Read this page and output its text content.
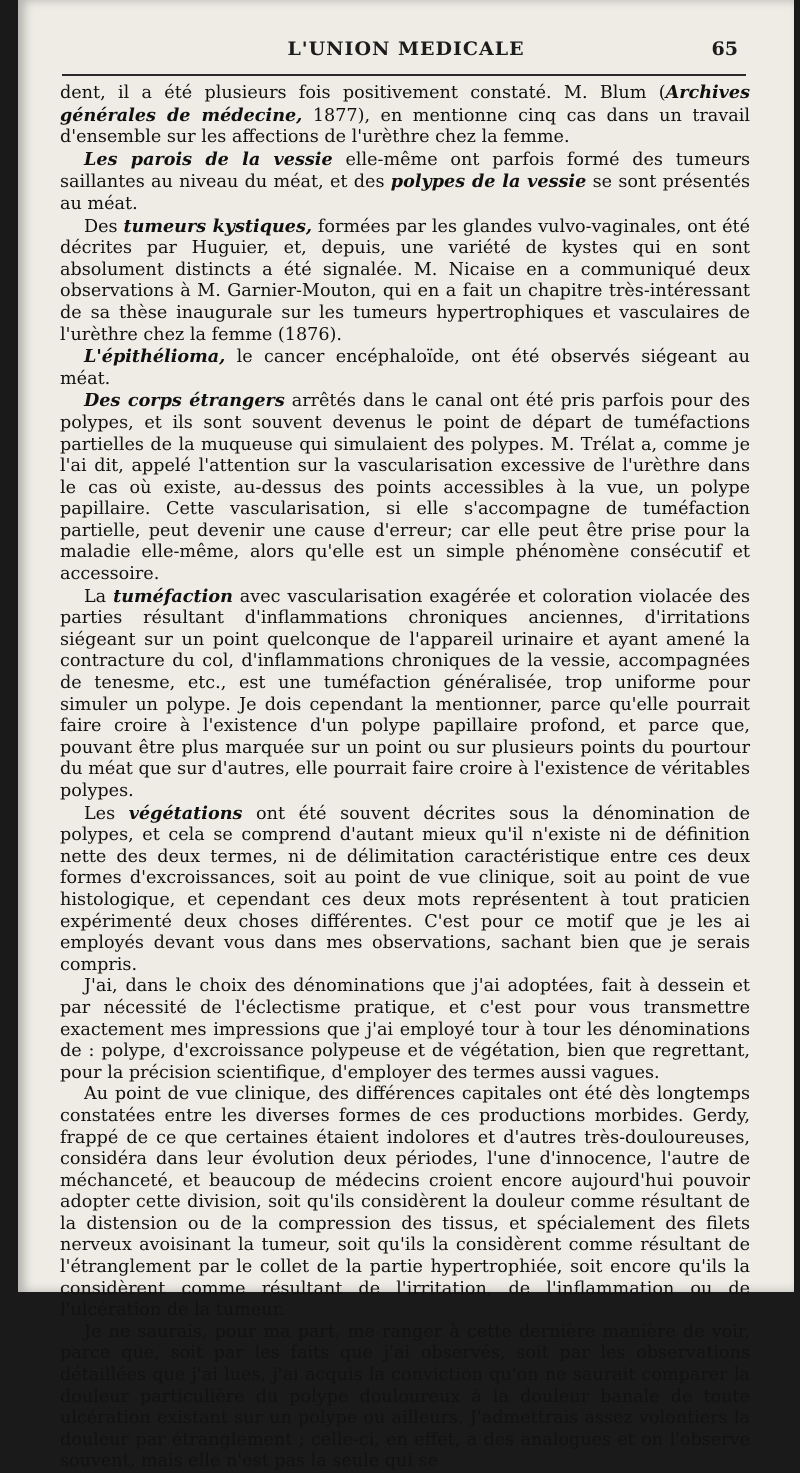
L'UNION MEDICALE	65

dent, il a été plusieurs fois positivement constaté. M. Blum (Archives générales de médecine, 1877), en mentionne cinq cas dans un travail d'ensemble sur les affections de l'urèthre chez la femme.

Les parois de la vessie elle-même ont parfois formé des tumeurs saillantes au niveau du méat, et des polypes de la vessie se sont présentés au méat.

Des tumeurs kystiques, formées par les glandes vulvo-vaginales, ont été décrites par Huguier, et, depuis, une variété de kystes qui en sont absolument distincts a été signalée. M. Nicaise en a communiqué deux observations à M. Garnier-Mouton, qui en a fait un chapitre très-intéressant de sa thèse inaugurale sur les tumeurs hypertrophiques et vasculaires de l'urèthre chez la femme (1876).

L'épithélioma, le cancer encéphaloïde, ont été observés siégeant au méat.

Des corps étrangers arrêtés dans le canal ont été pris parfois pour des polypes, et ils sont souvent devenus le point de départ de tuméfactions partielles de la muqueuse qui simulaient des polypes. M. Trélat a, comme je l'ai dit, appelé l'attention sur la vascularisation excessive de l'urèthre dans le cas où existe, au-dessus des points accessibles à la vue, un polype papillaire. Cette vascularisation, si elle s'accompagne de tuméfaction partielle, peut devenir une cause d'erreur; car elle peut être prise pour la maladie elle-même, alors qu'elle est un simple phénomène consécutif et accessoire.

La tuméfaction avec vascularisation exagérée et coloration violacée des parties résultant d'inflammations chroniques anciennes, d'irritations siégeant sur un point quelconque de l'appareil urinaire et ayant amené la contracture du col, d'inflammations chroniques de la vessie, accompagnées de tenesme, etc., est une tuméfaction généralisée, trop uniforme pour simuler un polype. Je dois cependant la mentionner, parce qu'elle pourrait faire croire à l'existence d'un polype papillaire profond, et parce que, pouvant être plus marquée sur un point ou sur plusieurs points du pourtour du méat que sur d'autres, elle pourrait faire croire à l'existence de véritables polypes.

Les végétations ont été souvent décrites sous la dénomination de polypes, et cela se comprend d'autant mieux qu'il n'existe ni de définition nette des deux termes, ni de délimitation caractéristique entre ces deux formes d'excroissances, soit au point de vue clinique, soit au point de vue histologique, et cependant ces deux mots représentent à tout praticien expérimenté deux choses différentes. C'est pour ce motif que je les ai employés devant vous dans mes observations, sachant bien que je serais compris.

J'ai, dans le choix des dénominations que j'ai adoptées, fait à dessein et par nécessité de l'éclectisme pratique, et c'est pour vous transmettre exactement mes impressions que j'ai employé tour à tour les dénominations de : polype, d'excroissance polypeuse et de végétation, bien que regrettant, pour la précision scientifique, d'employer des termes aussi vagues.

Au point de vue clinique, des différences capitales ont été dès longtemps constatées entre les diverses formes de ces productions morbides. Gerdy, frappé de ce que certaines étaient indolores et d'autres très-douloureuses, considéra dans leur évolution deux périodes, l'une d'innocence, l'autre de méchanceté, et beaucoup de médecins croient encore aujourd'hui pouvoir adopter cette division, soit qu'ils considèrent la douleur comme résultant de la distension ou de la compression des tissus, et spécialement des filets nerveux avoisinant la tumeur, soit qu'ils la considèrent comme résultant de l'étranglement par le collet de la partie hypertrophiée, soit encore qu'ils la considèrent comme résultant de l'irritation, de l'inflammation ou de l'ulcération de la tumeur.

Je ne saurais, pour ma part, me ranger à cette dernière manière de voir, parce que, soit par les faits que j'ai observés, soit par les observations détaillées que j'ai lues, j'ai acquis la conviction qu'on ne saurait comparer la douleur particulière du polype douloureux à la douleur banale de toute ulcération existant sur un polype ou ailleurs. J'admettrais assez volontiers la douleur par étranglement ; celle-ci, en effet, a des analogues et on l'observe souvent, mais elle n'est pas la seule qui se
